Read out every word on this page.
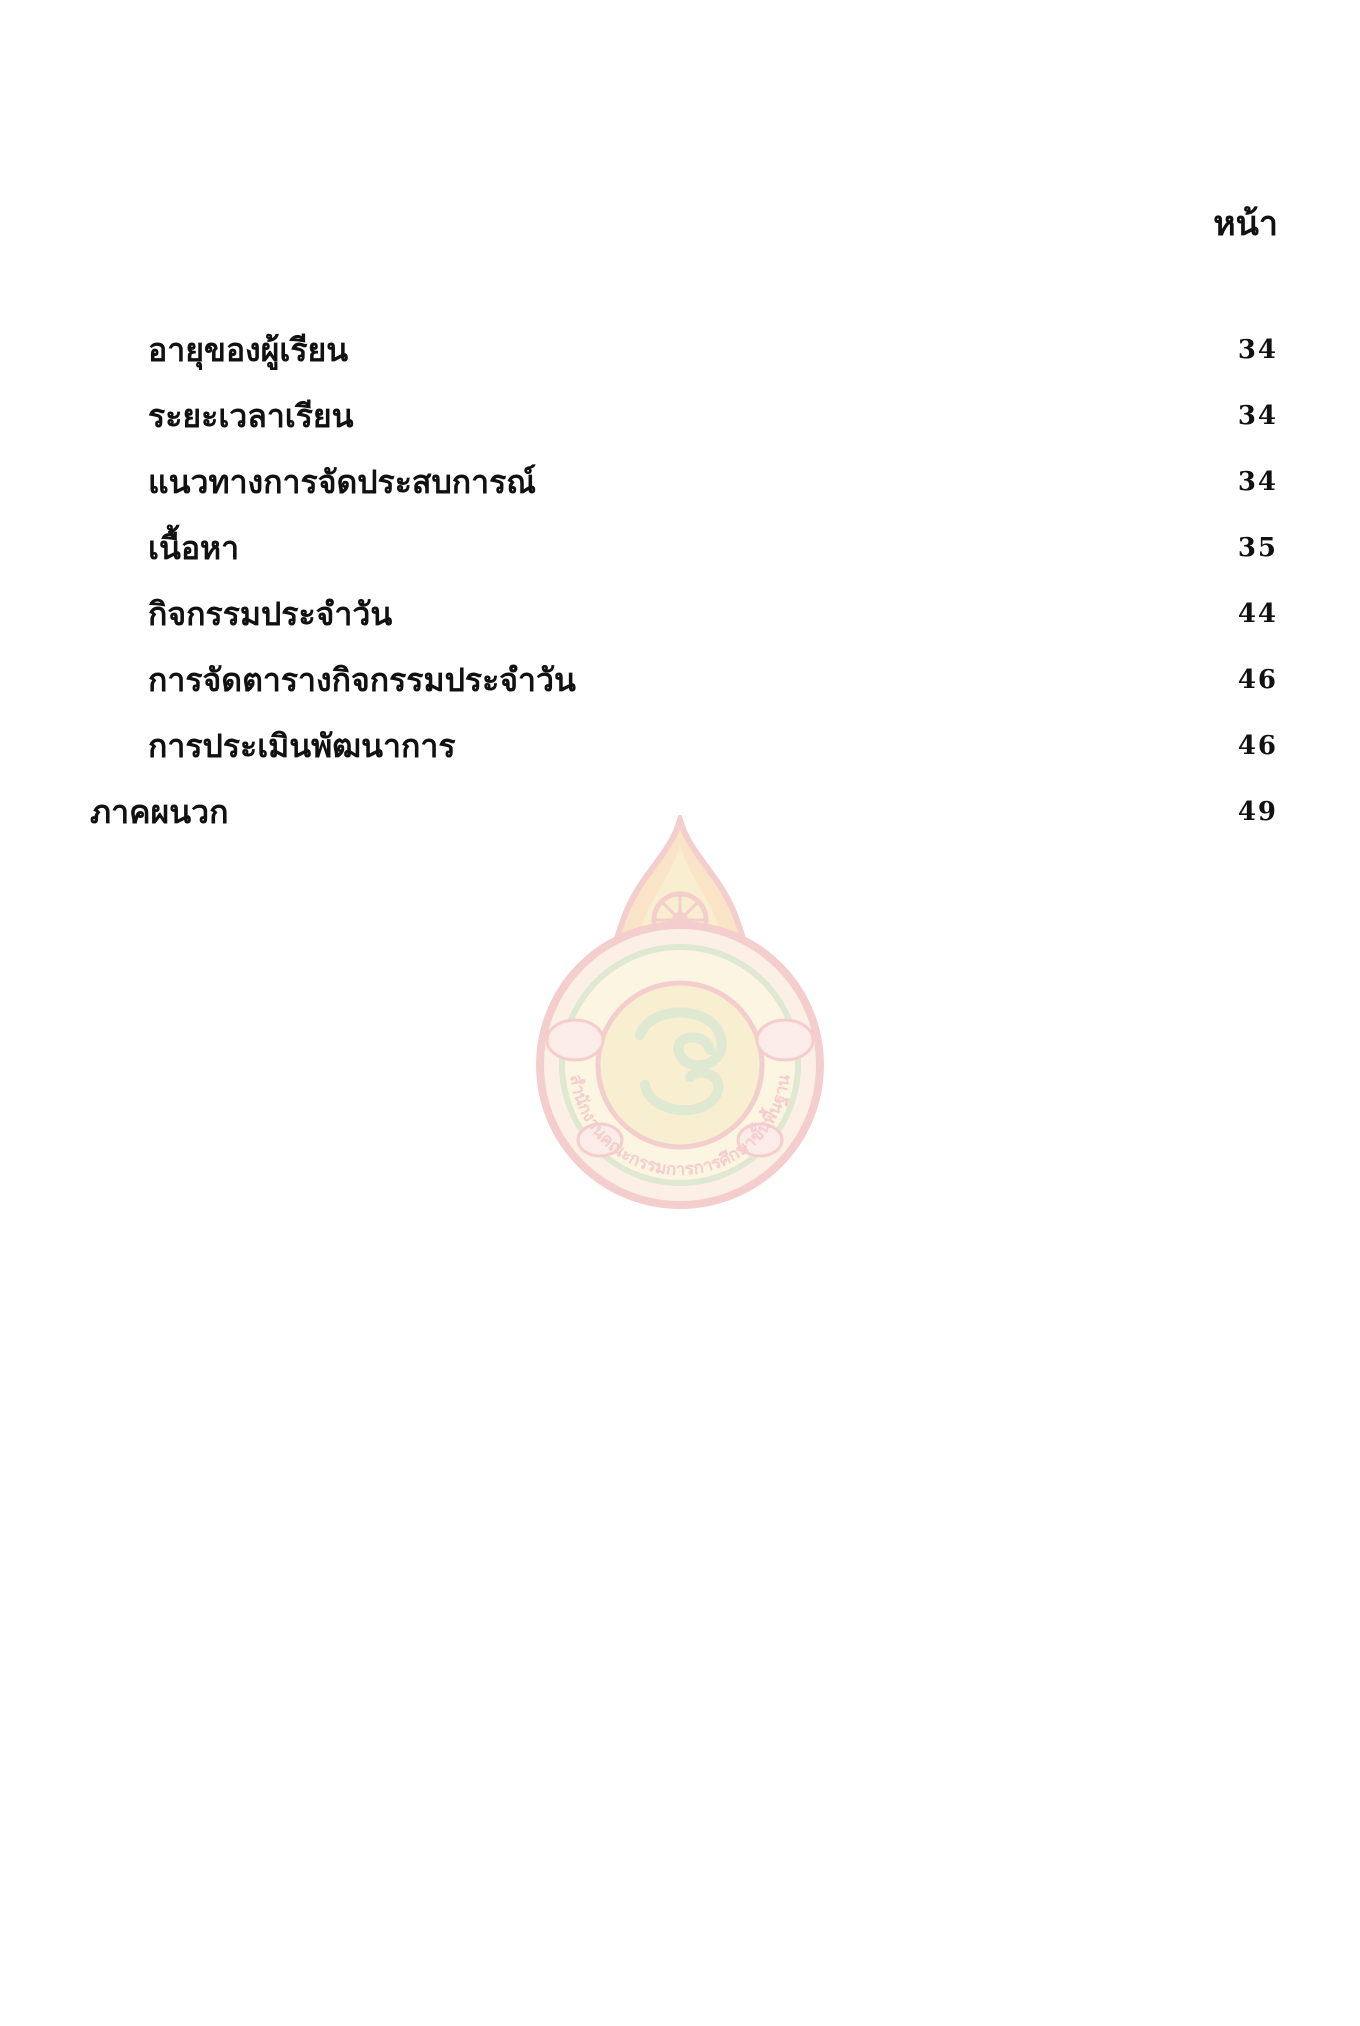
หน้า
อายุของผู้เรียน	34
ระยะเวลาเรียน	34
แนวทางการจัดประสบการณ์	34
เนื้อหา	35
กิจกรรมประจำวัน	44
การจัดตารางกิจกรรมประจำวัน	46
การประเมินพัฒนาการ	46
ภาคผนวก	49
สำนักงานคณะกรรมการการศึกษาขั้นพื้นฐาน
